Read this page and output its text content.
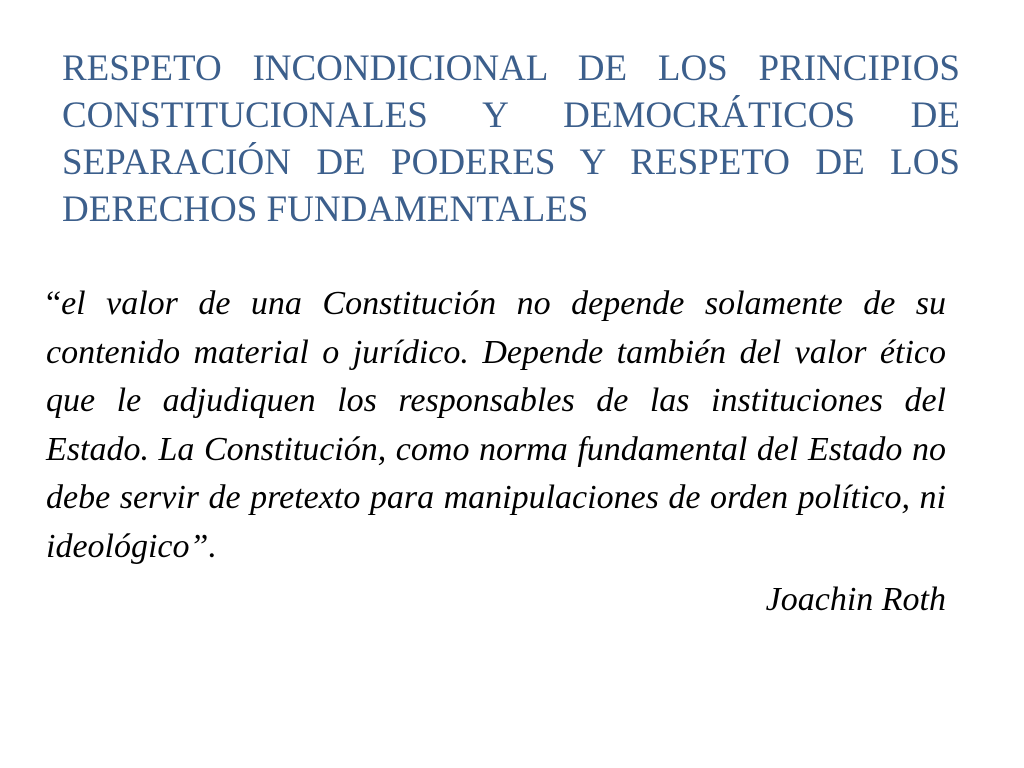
RESPETO INCONDICIONAL DE LOS PRINCIPIOS CONSTITUCIONALES Y DEMOCRÁTICOS DE SEPARACIÓN DE PODERES Y RESPETO DE LOS DERECHOS FUNDAMENTALES

“el valor de una Constitución no depende solamente de su contenido material o jurídico. Depende también del valor ético que le adjudiquen los responsables de las instituciones del Estado. La Constitución, como norma fundamental del Estado no debe servir de pretexto para manipulaciones de orden político, ni ideológico”.

Joachin Roth
